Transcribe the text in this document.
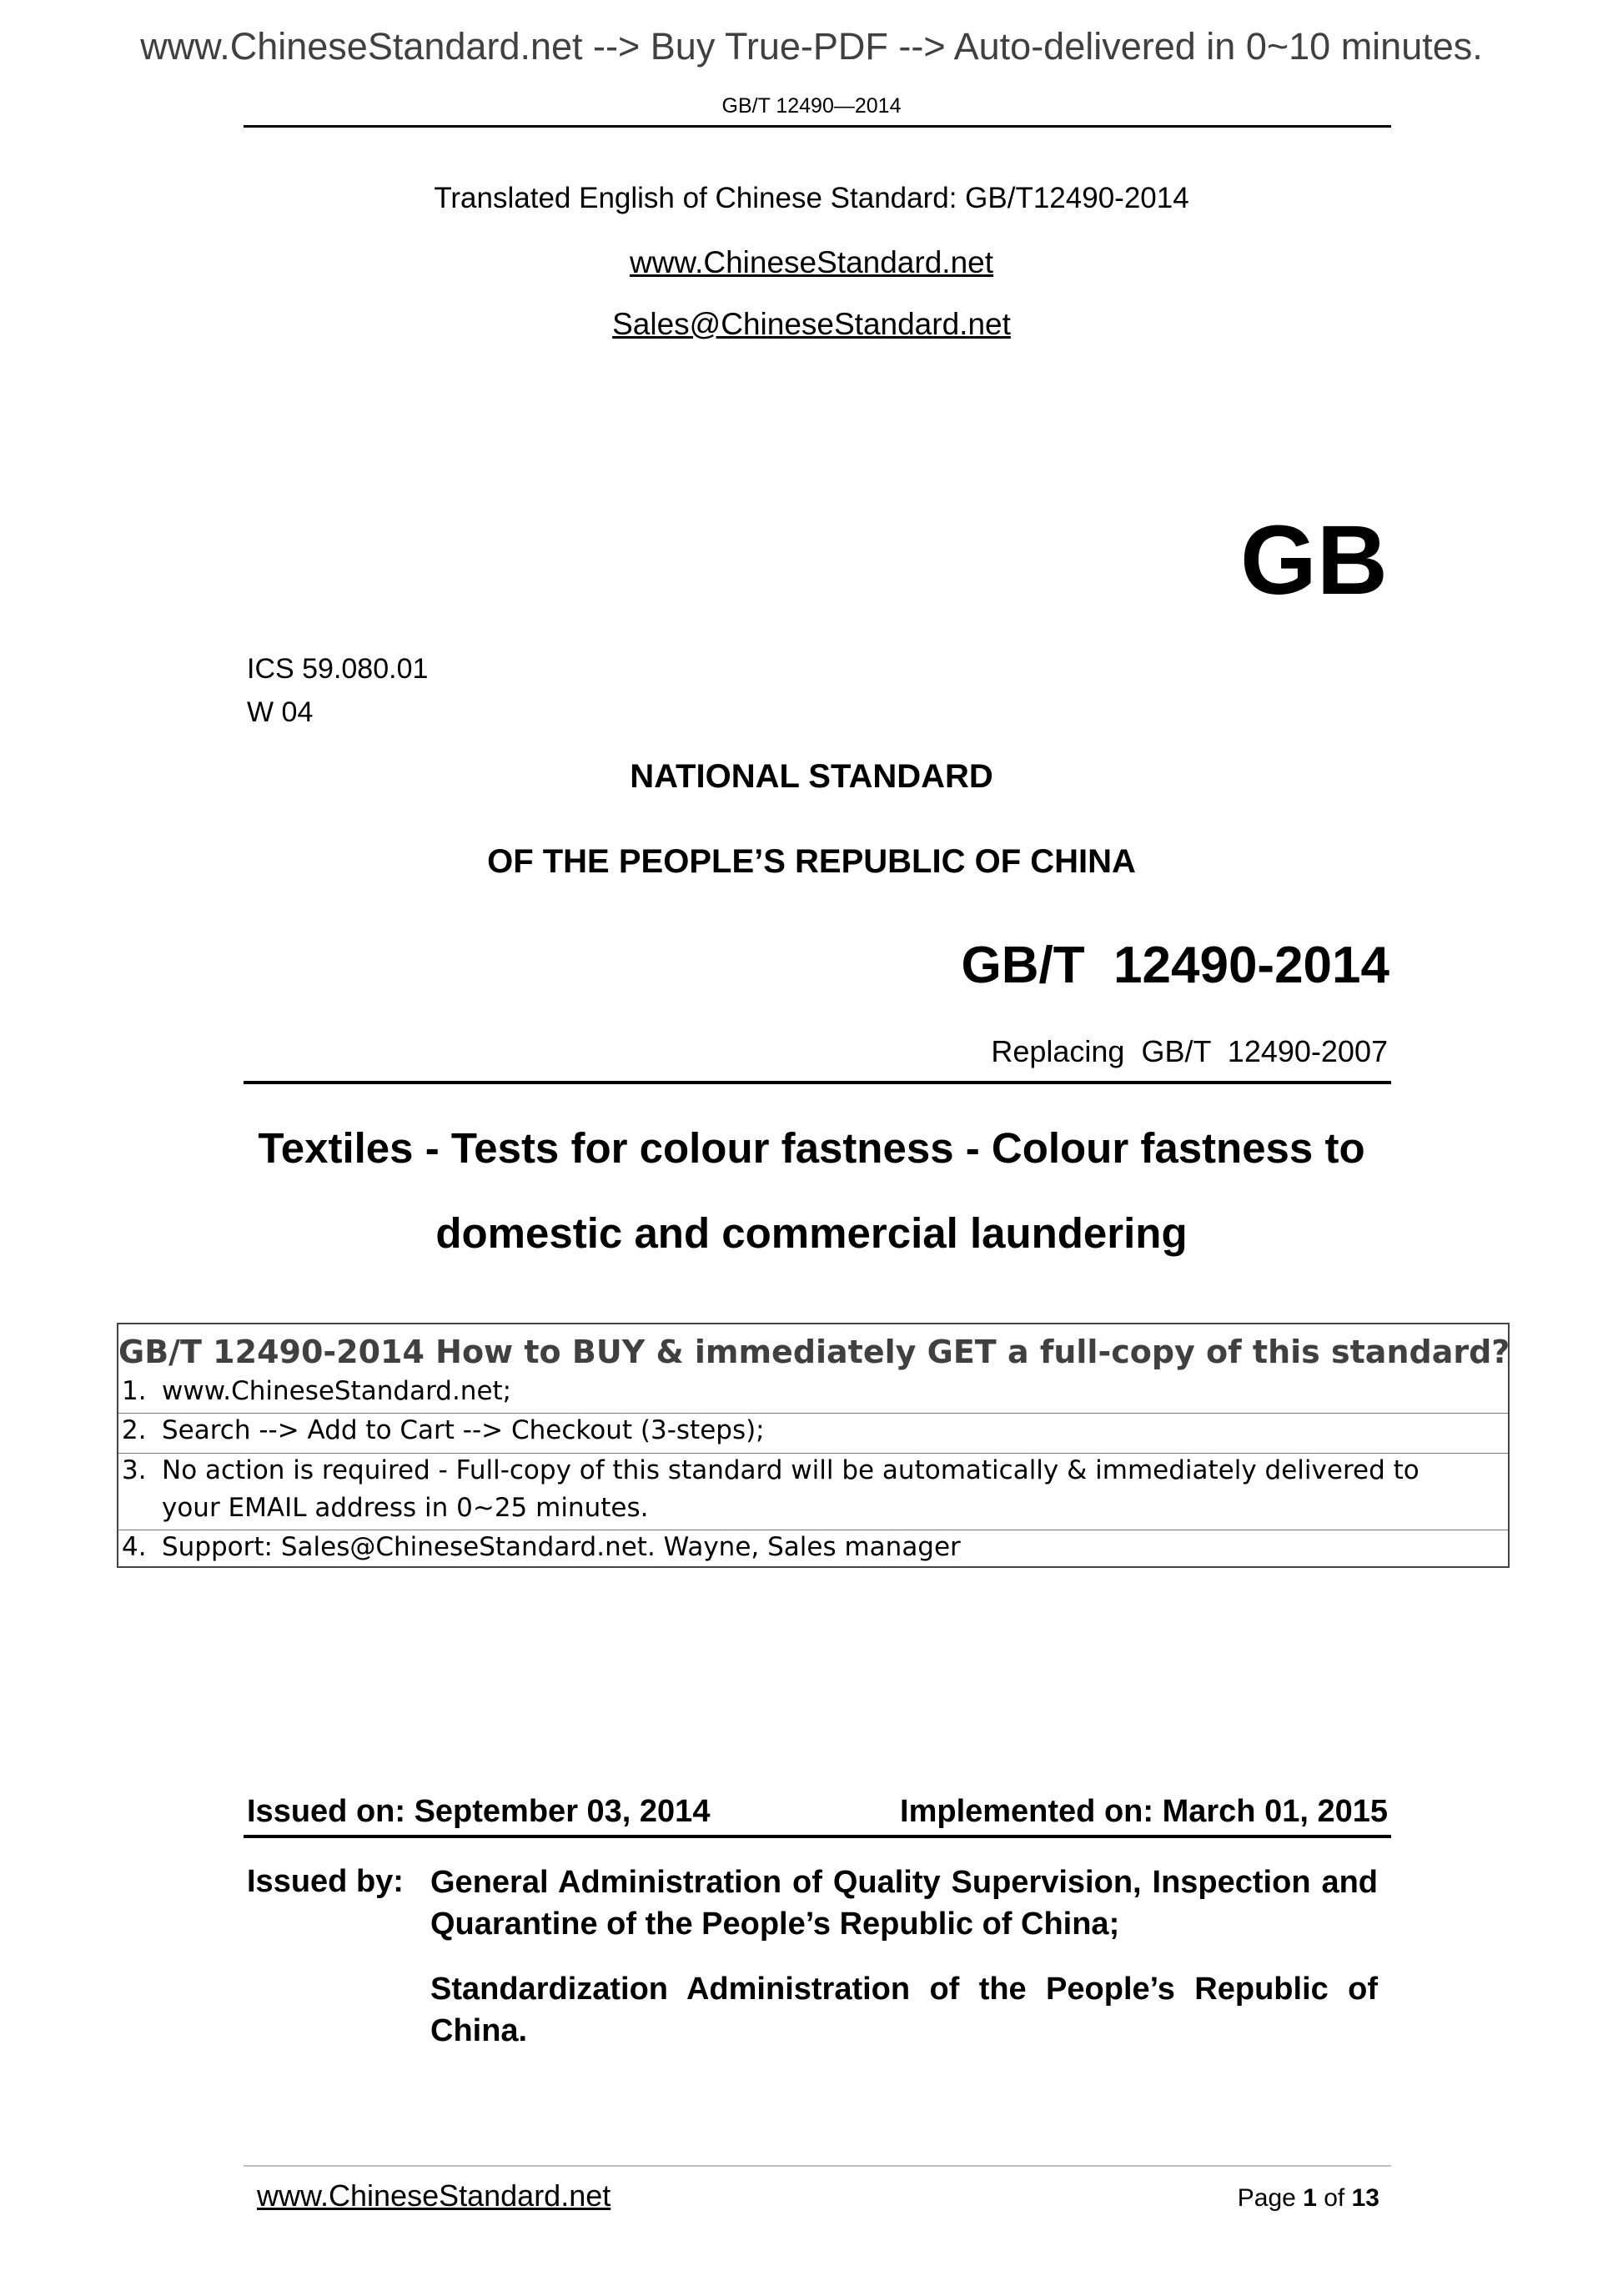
www.ChineseStandard.net --> Buy True-PDF --> Auto-delivered in 0~10 minutes.
GB/T 12490—2014
Translated English of Chinese Standard: GB/T12490-2014
www.ChineseStandard.net
Sales@ChineseStandard.net
GB
ICS 59.080.01
W 04
NATIONAL STANDARD
OF THE PEOPLE’S REPUBLIC OF CHINA
GB/T  12490-2014
Replacing  GB/T  12490-2007
Textiles - Tests for colour fastness - Colour fastness to
domestic and commercial laundering
GB/T 12490-2014 How to BUY & immediately GET a full-copy of this standard?
1. www.ChineseStandard.net;
2. Search --> Add to Cart --> Checkout (3-steps);
3. No action is required - Full-copy of this standard will be automatically & immediately delivered to
your EMAIL address in 0~25 minutes.
4. Support: Sales@ChineseStandard.net. Wayne, Sales manager
Issued on: September 03, 2014	Implemented on: March 01, 2015
Issued by: General Administration of Quality Supervision, Inspection and Quarantine of the People’s Republic of China;
Standardization Administration of the People’s Republic of China.
www.ChineseStandard.net	Page 1 of 13
